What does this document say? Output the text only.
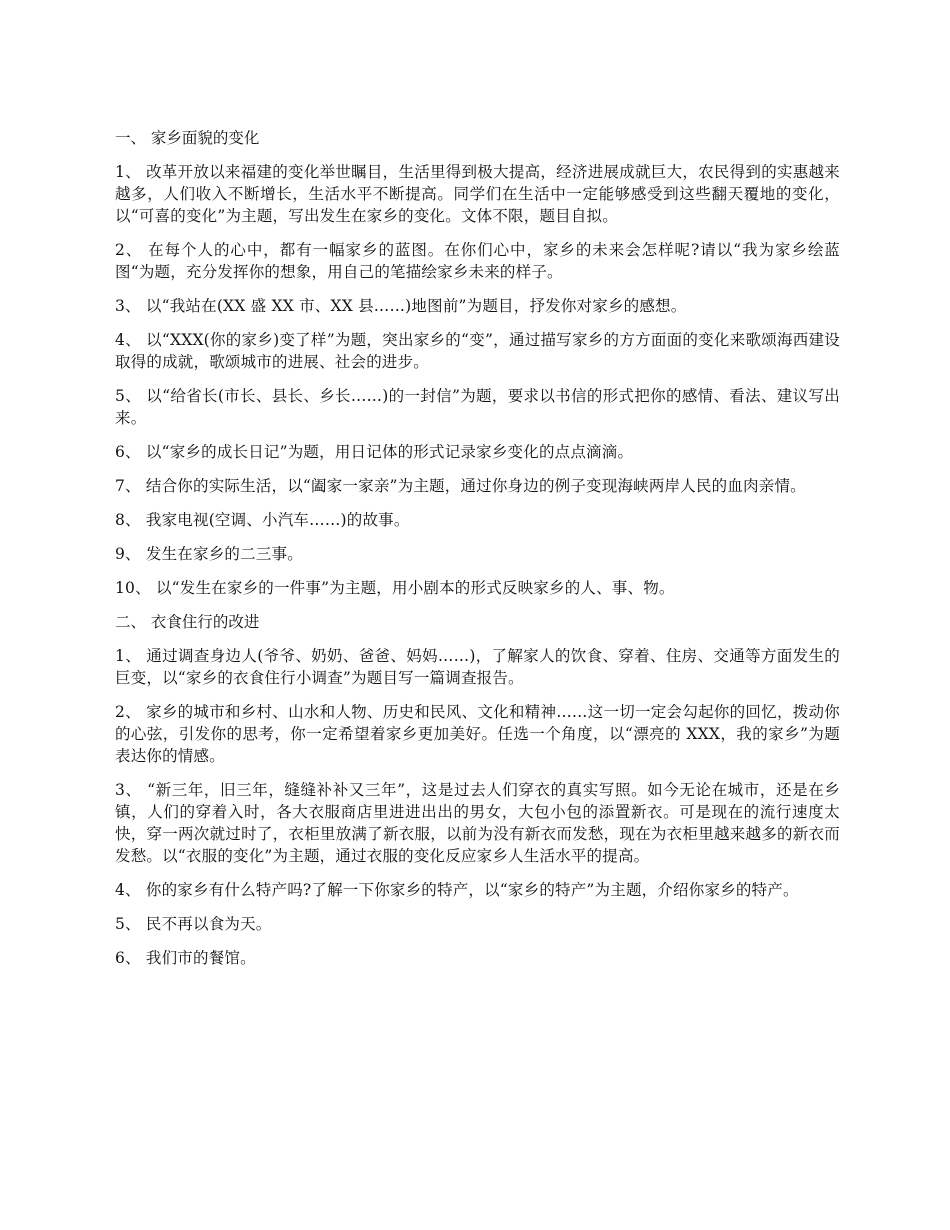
一、 家乡面貌的变化

1、 改革开放以来福建的变化举世瞩目，生活里得到极大提高，经济进展成就巨大，农民得到的实惠越来越多，人们收入不断增长，生活水平不断提高。同学们在生活中一定能够感受到这些翻天覆地的变化，以“可喜的变化”为主题，写出发生在家乡的变化。文体不限，题目自拟。

2、 在每个人的心中，都有一幅家乡的蓝图。在你们心中，家乡的未来会怎样呢?请以“我为家乡绘蓝图“为题，充分发挥你的想象，用自己的笔描绘家乡未来的样子。

3、 以“我站在(XX 盛 XX 市、XX 县……)地图前”为题目，抒发你对家乡的感想。

4、 以“XXX(你的家乡)变了样”为题，突出家乡的“变”，通过描写家乡的方方面面的变化来歌颂海西建设取得的成就，歌颂城市的进展、社会的进步。

5、 以“给省长(市长、县长、乡长……)的一封信”为题，要求以书信的形式把你的感情、看法、建议写出来。

6、 以“家乡的成长日记”为题，用日记体的形式记录家乡变化的点点滴滴。

7、 结合你的实际生活，以“阖家一家亲”为主题，通过你身边的例子变现海峡两岸人民的血肉亲情。

8、 我家电视(空调、小汽车……)的故事。

9、 发生在家乡的二三事。

10、 以“发生在家乡的一件事”为主题，用小剧本的形式反映家乡的人、事、物。

二、 衣食住行的改进

1、 通过调查身边人(爷爷、奶奶、爸爸、妈妈……)，了解家人的饮食、穿着、住房、交通等方面发生的巨变，以“家乡的衣食住行小调查”为题目写一篇调查报告。

2、 家乡的城市和乡村、山水和人物、历史和民风、文化和精神……这一切一定会勾起你的回忆，拨动你的心弦，引发你的思考，你一定希望着家乡更加美好。任选一个角度，以“漂亮的 XXX，我的家乡”为题表达你的情感。

3、 “新三年，旧三年，缝缝补补又三年”，这是过去人们穿衣的真实写照。如今无论在城市，还是在乡镇，人们的穿着入时，各大衣服商店里进进出出的男女，大包小包的添置新衣。可是现在的流行速度太快，穿一两次就过时了，衣柜里放满了新衣服，以前为没有新衣而发愁，现在为衣柜里越来越多的新衣而发愁。以“衣服的变化”为主题，通过衣服的变化反应家乡人生活水平的提高。

4、 你的家乡有什么特产吗?了解一下你家乡的特产，以“家乡的特产”为主题，介绍你家乡的特产。

5、 民不再以食为天。

6、 我们市的餐馆。
